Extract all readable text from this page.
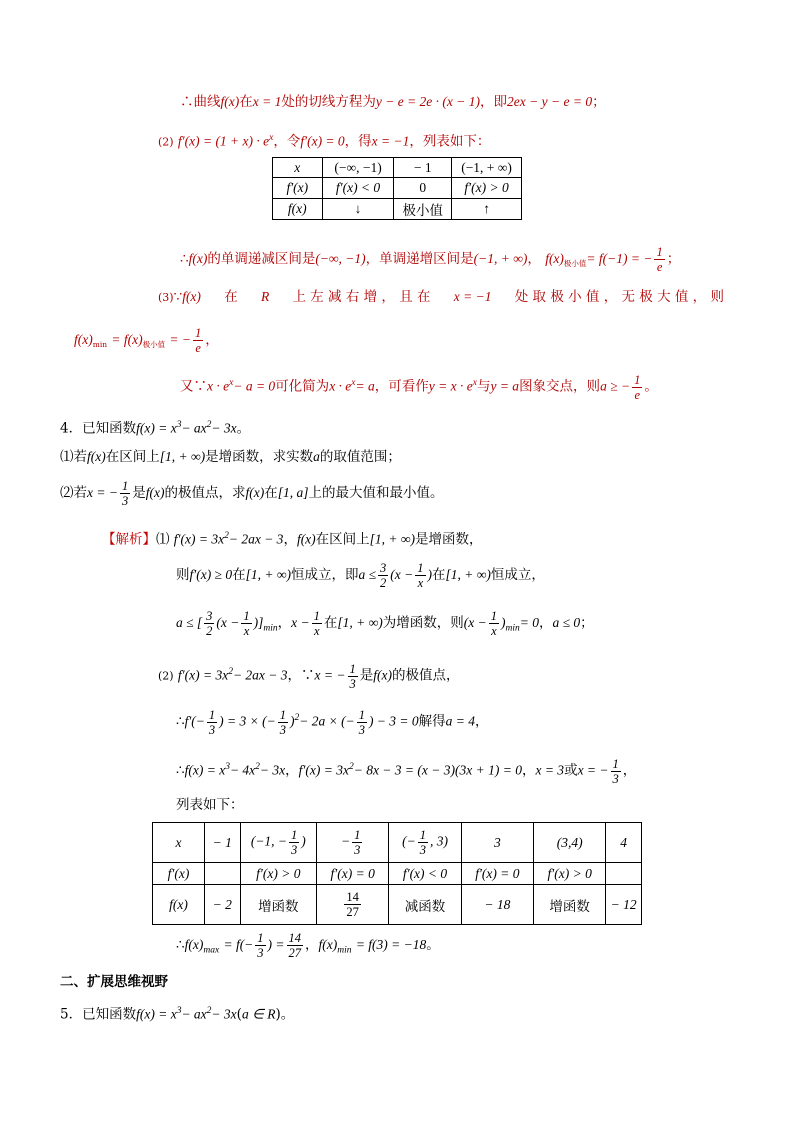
∴曲线f(x)在x = 1处的切线方程为y − e = 2e · (x − 1)，即2ex − y − e = 0；
(2) $f'(x) = (1 + x) \cdot e^x$，令f′(x) = 0，得x = −1，列表如下：
x	(−∞, −1)	− 1	(−1, + ∞)
f′(x)	f′(x) < 0	0	f′(x) > 0
f(x)	↓	极小值	↑
∴f(x)的单调递减区间是(−∞, −1)，单调递增区间是(−1, + ∞)， $f(x)_{极小值}= f(-1)$ = − $\frac{1}{e}$ ；
(3)∵f(x) 在 R 上 左 减 右 增 ， 且 在 x = −1 处 取 极 小 值 ， 无 极 大 值 ， 则
$f(x)_{min} = f(x)_{极小值}$ = − $\frac{1}{e}$ ，
又∵x · $e^x- a = 0$可化简为$x \cdot e^x= a$，可看作$y = x \cdot e^x$与y = a图象交点，则a ≥ − $\frac{1}{e}$ 。
4．已知函数$f(x) = x^3- ax^2- 3x$。
⑴若f(x)在区间上[1, + ∞)是增函数，求实数a的取值范围；
⑵若x = − $\frac{1}{3}$ 是f(x)的极值点，求f(x)在[1, a]上的最大值和最小值。
【解析】⑴ $f'(x) = 3x^2- 2ax - 3$，f(x)在区间上[1, + ∞)是增函数，
则f′(x) ≥ 0在[1, + ∞)恒成立，即$a \le \frac{3}{2} (x - \frac{1}{x}$ )在[1, + ∞)恒成立，
a ≤ [ $\frac{3}{2} (x - \frac{1}{x} )]_{min}$，$x - \frac{1}{x}$ 在[1, + ∞)为增函数，则$(x - \frac{1}{x} )_{min}= 0$，a ≤ 0；
(2) $f'(x) = 3x^2- 2ax - 3$，∵x = − $\frac{1}{3}$ 是f(x)的极值点，
∴f′(− $\frac{1}{3}$ ) = 3 × (− $\frac{1}{3} )^2- 2a$ × (− $\frac{1}{3}$ ) − 3 = 0解得a = 4，
∴f(x) = $x^3- 4x^2- 3x$，$f'(x) = 3x^2- 8x - 3 = (x - 3)(3x + 1) = 0$，x = 3或x = − $\frac{1}{3}$ ，
列表如下：
x	− 1	(−1, − $\frac{1}{3}$ )	− $\frac{1}{3}$	(− $\frac{1}{3}$ , 3)	3	(3,4)	4
f′(x)		f′(x) > 0	f′(x) = 0	f′(x) < 0	f′(x) = 0	f′(x) > 0	
f(x)	− 2	增函数	$\frac{14}{27}$	减函数	− 18	增函数	− 12
$\therefore f(x)_{max} = f(- \frac{1}{3}$ ) = $\frac{14}{27}$ ，$f(x)_{min} = f(3) = -18$。
二、扩展思维视野
5．已知函数$f(x) = x^3- ax^2- 3x(a$ ∈ R)。
